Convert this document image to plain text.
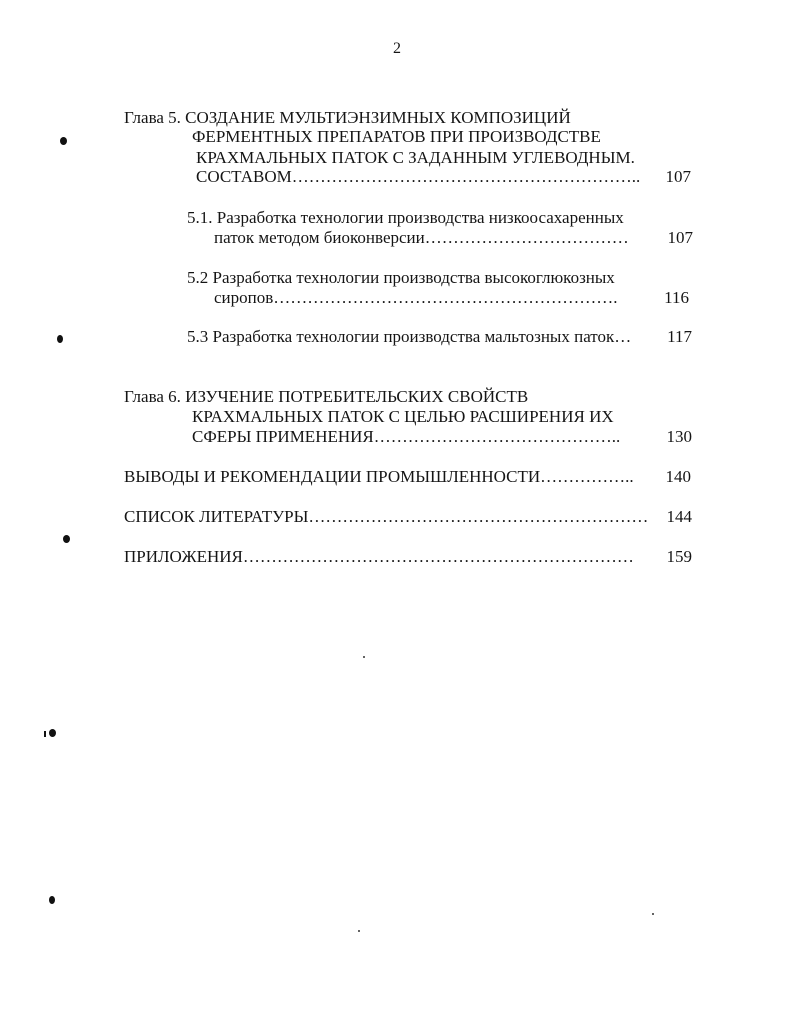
2
Глава 5. СОЗДАНИЕ МУЛЬТИЭНЗИМНЫХ КОМПОЗИЦИЙ
ФЕРМЕНТНЫХ ПРЕПАРАТОВ ПРИ ПРОИЗВОДСТВЕ
КРАХМАЛЬНЫХ ПАТОК С ЗАДАННЫМ УГЛЕВОДНЫМ.
СОСТАВОМ……………………………………………………..	107
5.1. Разработка технологии производства низкоосахаренных
паток методом биоконверсии………………………………	107
5.2 Разработка технологии производства высокоглюкозных
сиропов…………………………………………………….	116
5.3 Разработка технологии производства мальтозных паток…	117
Глава 6. ИЗУЧЕНИЕ ПОТРЕБИТЕЛЬСКИХ СВОЙСТВ
КРАХМАЛЬНЫХ ПАТОК С ЦЕЛЬЮ РАСШИРЕНИЯ ИХ
СФЕРЫ ПРИМЕНЕНИЯ……………………………………..	130
ВЫВОДЫ И РЕКОМЕНДАЦИИ ПРОМЫШЛЕННОСТИ……………..	140
СПИСОК ЛИТЕРАТУРЫ……………………………………………………	144
ПРИЛОЖЕНИЯ……………………………………………………………	159
